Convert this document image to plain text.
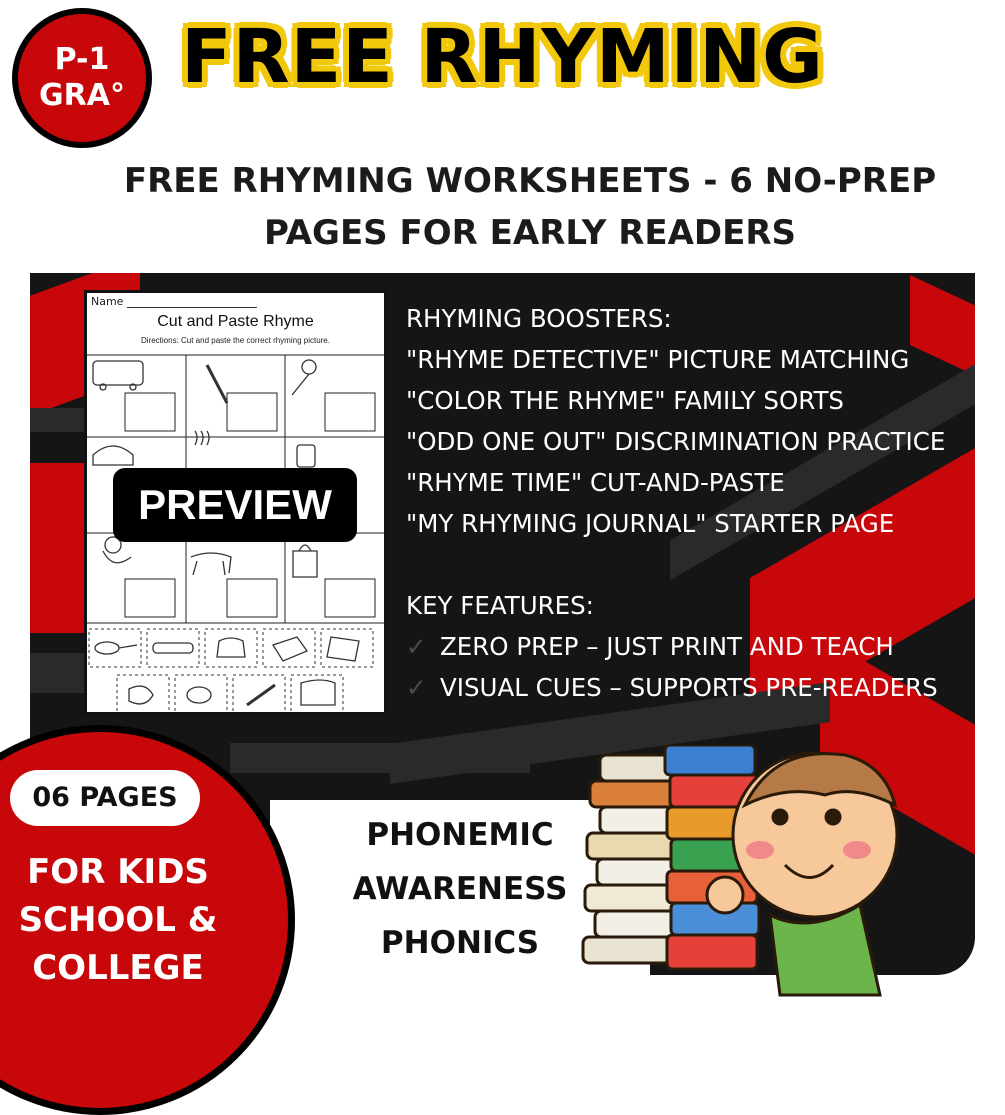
FREE RHYMING
FREE RHYMING WORKSHEETS - 6 NO-PREP
PAGES FOR EARLY READERS
P-1
GRA°
Name
Cut and Paste Rhyme
Directions: Cut and paste the correct rhyming picture.
PREVIEW
RHYMING BOOSTERS:
"RHYME DETECTIVE" PICTURE MATCHING
"COLOR THE RHYME" FAMILY SORTS
"ODD ONE OUT" DISCRIMINATION PRACTICE
"RHYME TIME" CUT-AND-PASTE
"MY RHYMING JOURNAL" STARTER PAGE
KEY FEATURES:
✓ ZERO PREP – JUST PRINT AND TEACH
✓ VISUAL CUES – SUPPORTS PRE-READERS
PHONEMIC
AWARENESS
PHONICS
06 PAGES
FOR KIDS
SCHOOL &
COLLEGE
